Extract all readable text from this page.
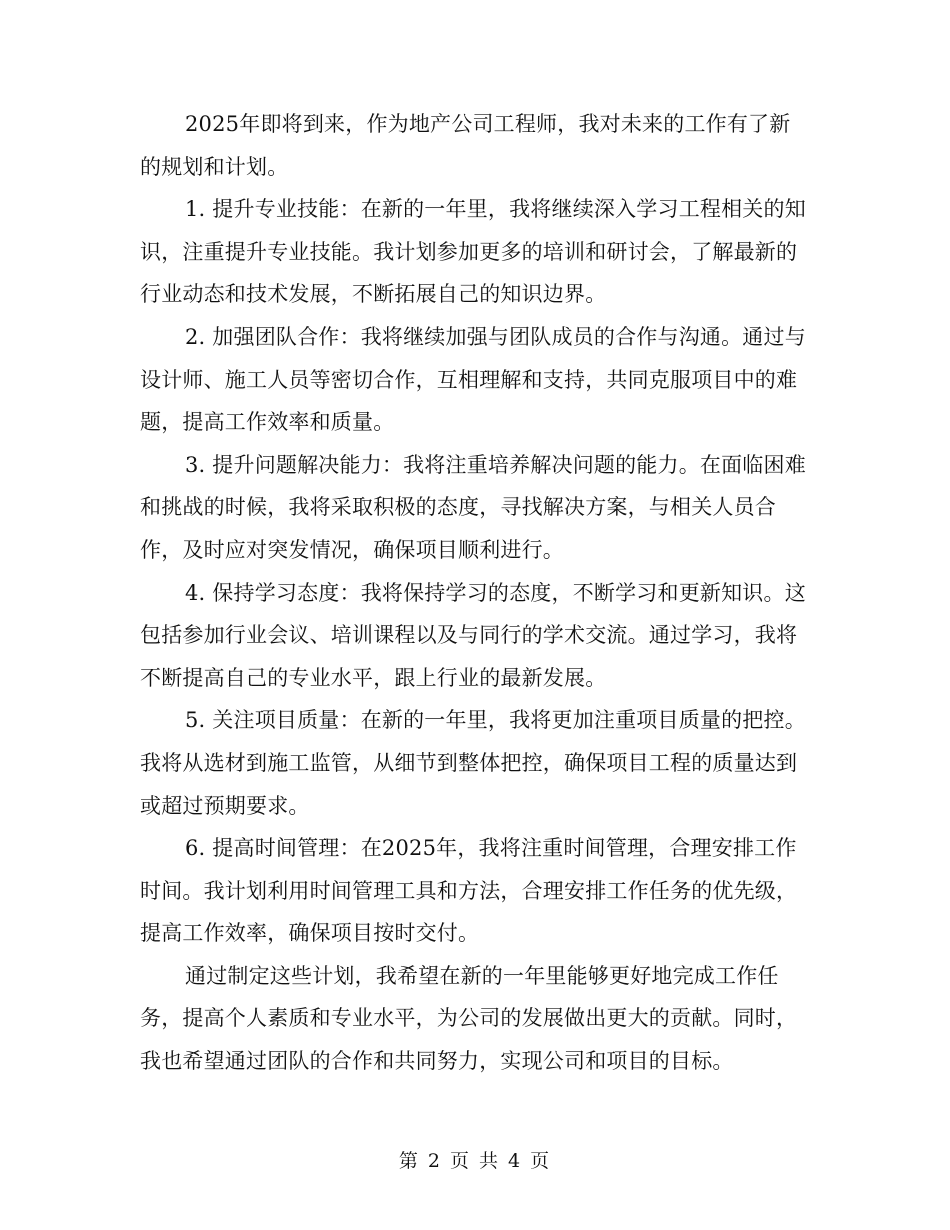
2025年即将到来，作为地产公司工程师，我对未来的工作有了新的规划和计划。

1. 提升专业技能：在新的一年里，我将继续深入学习工程相关的知识，注重提升专业技能。我计划参加更多的培训和研讨会，了解最新的行业动态和技术发展，不断拓展自己的知识边界。

2. 加强团队合作：我将继续加强与团队成员的合作与沟通。通过与设计师、施工人员等密切合作，互相理解和支持，共同克服项目中的难题，提高工作效率和质量。

3. 提升问题解决能力：我将注重培养解决问题的能力。在面临困难和挑战的时候，我将采取积极的态度，寻找解决方案，与相关人员合作，及时应对突发情况，确保项目顺利进行。

4. 保持学习态度：我将保持学习的态度，不断学习和更新知识。这包括参加行业会议、培训课程以及与同行的学术交流。通过学习，我将不断提高自己的专业水平，跟上行业的最新发展。

5. 关注项目质量：在新的一年里，我将更加注重项目质量的把控。我将从选材到施工监管，从细节到整体把控，确保项目工程的质量达到或超过预期要求。

6. 提高时间管理：在2025年，我将注重时间管理，合理安排工作时间。我计划利用时间管理工具和方法，合理安排工作任务的优先级，提高工作效率，确保项目按时交付。

通过制定这些计划，我希望在新的一年里能够更好地完成工作任务，提高个人素质和专业水平，为公司的发展做出更大的贡献。同时，我也希望通过团队的合作和共同努力，实现公司和项目的目标。

第 2 页 共 4 页
